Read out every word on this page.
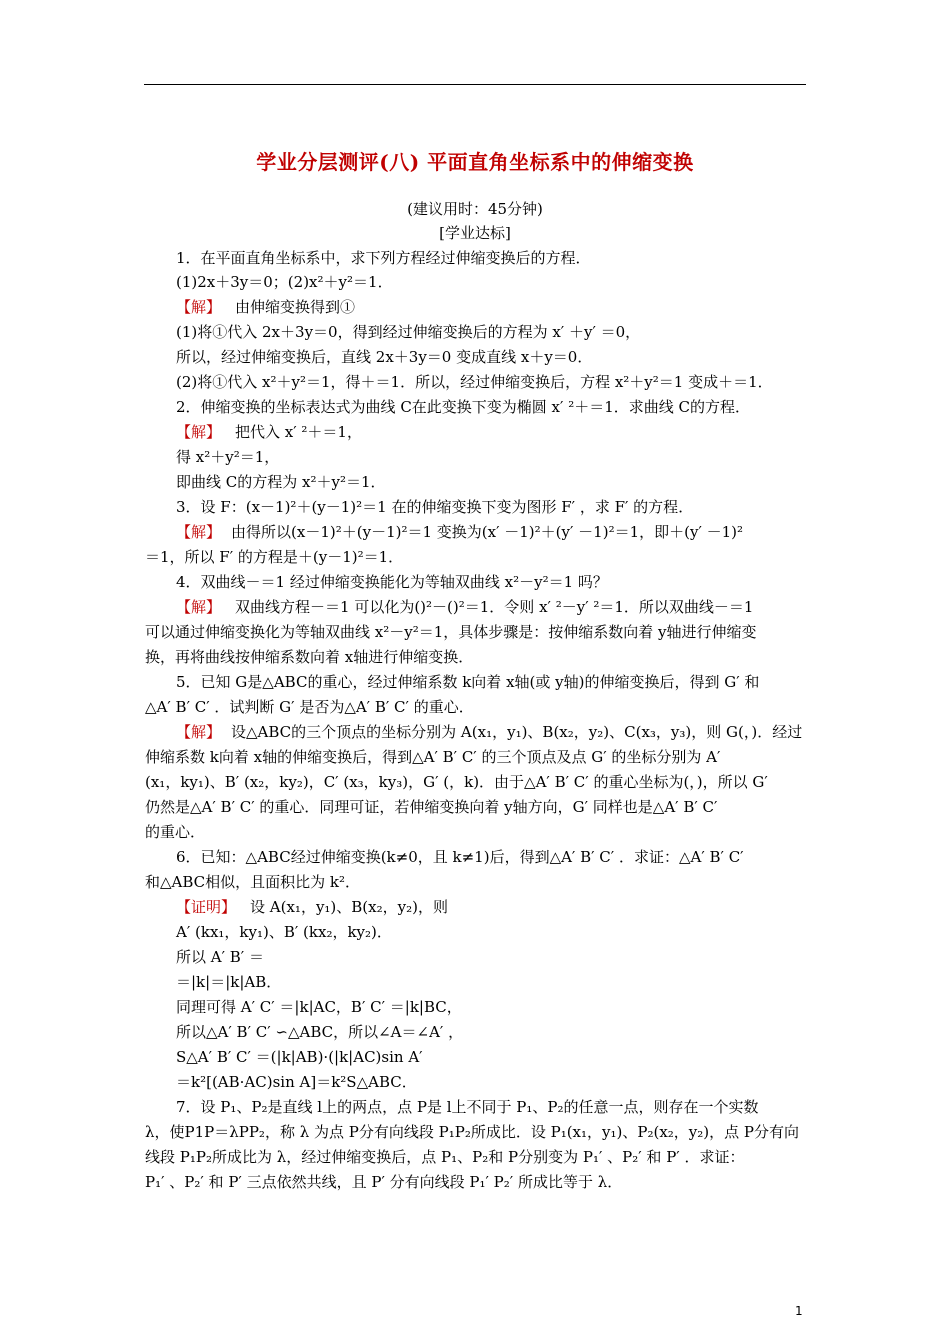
学业分层测评(八) 平面直角坐标系中的伸缩变换
(建议用时：45分钟)
[学业达标]
1．在平面直角坐标系中，求下列方程经过伸缩变换后的方程．
(1)2x＋3y＝0；(2)x²＋y²＝1．
【解】 由伸缩变换得到①
(1)将①代入 2x＋3y＝0，得到经过伸缩变换后的方程为 x′ ＋y′ ＝0，
所以，经过伸缩变换后，直线 2x＋3y＝0 变成直线 x＋y＝0．
(2)将①代入 x²＋y²＝1，得＋＝1．所以，经过伸缩变换后，方程 x²＋y²＝1 变成＋＝1．
2．伸缩变换的坐标表达式为曲线 C在此变换下变为椭圆 x′ ²＋＝1．求曲线 C的方程．
【解】 把代入 x′ ²＋＝1，
得 x²＋y²＝1，
即曲线 C的方程为 x²＋y²＝1．
3．设 F：(x－1)²＋(y－1)²＝1 在的伸缩变换下变为图形 F′ ，求 F′ 的方程．
【解】 由得所以(x－1)²＋(y－1)²＝1 变换为(x′ －1)²＋(y′ －1)²＝1，即＋(y′ －1)²
＝1，所以 F′ 的方程是＋(y－1)²＝1．
4．双曲线－＝1 经过伸缩变换能化为等轴双曲线 x²－y²＝1 吗？
【解】 双曲线方程－＝1 可以化为()²－()²＝1．令则 x′ ²－y′ ²＝1．所以双曲线－＝1
可以通过伸缩变换化为等轴双曲线 x²－y²＝1，具体步骤是：按伸缩系数向着 y轴进行伸缩变
换，再将曲线按伸缩系数向着 x轴进行伸缩变换．
5．已知 G是△ABC的重心，经过伸缩系数 k向着 x轴(或 y轴)的伸缩变换后，得到 G′ 和
△A′ B′ C′ ．试判断 G′ 是否为△A′ B′ C′ 的重心．
【解】 设△ABC的三个顶点的坐标分别为 A(x₁，y₁)、B(x₂，y₂)、C(x₃，y₃)，则 G(，)．经过
伸缩系数 k向着 x轴的伸缩变换后，得到△A′ B′ C′ 的三个顶点及点 G′ 的坐标分别为 A′
(x₁，ky₁)、B′ (x₂，ky₂)，C′ (x₃，ky₃)，G′ (，k)．由于△A′ B′ C′ 的重心坐标为(，)，所以 G′
仍然是△A′ B′ C′ 的重心．同理可证，若伸缩变换向着 y轴方向，G′ 同样也是△A′ B′ C′
的重心．
6．已知：△ABC经过伸缩变换(k≠0，且 k≠1)后，得到△A′ B′ C′ ．求证：△A′ B′ C′
和△ABC相似，且面积比为 k²．
【证明】 设 A(x₁，y₁)、B(x₂，y₂)，则
A′ (kx₁，ky₁)、B′ (kx₂，ky₂)．
所以 A′ B′ ＝
＝|k|＝|k|AB．
同理可得 A′ C′ ＝|k|AC，B′ C′ ＝|k|BC，
所以△A′ B′ C′ ∽△ABC，所以∠A＝∠A′ ，
S△A′ B′ C′ ＝(|k|AB)·(|k|AC)sin A′
＝k²[(AB·AC)sin A]＝k²S△ABC．
7．设 P₁、P₂是直线 l上的两点，点 P是 l上不同于 P₁、P₂的任意一点，则存在一个实数
λ，使P1P＝λPP₂，称 λ 为点 P分有向线段 P₁P₂所成比．设 P₁(x₁，y₁)、P₂(x₂，y₂)，点 P分有向
线段 P₁P₂所成比为 λ，经过伸缩变换后，点 P₁、P₂和 P分别变为 P₁′ 、P₂′ 和 P′ ．求证：
P₁′ 、P₂′ 和 P′ 三点依然共线，且 P′ 分有向线段 P₁′ P₂′ 所成比等于 λ．
1
